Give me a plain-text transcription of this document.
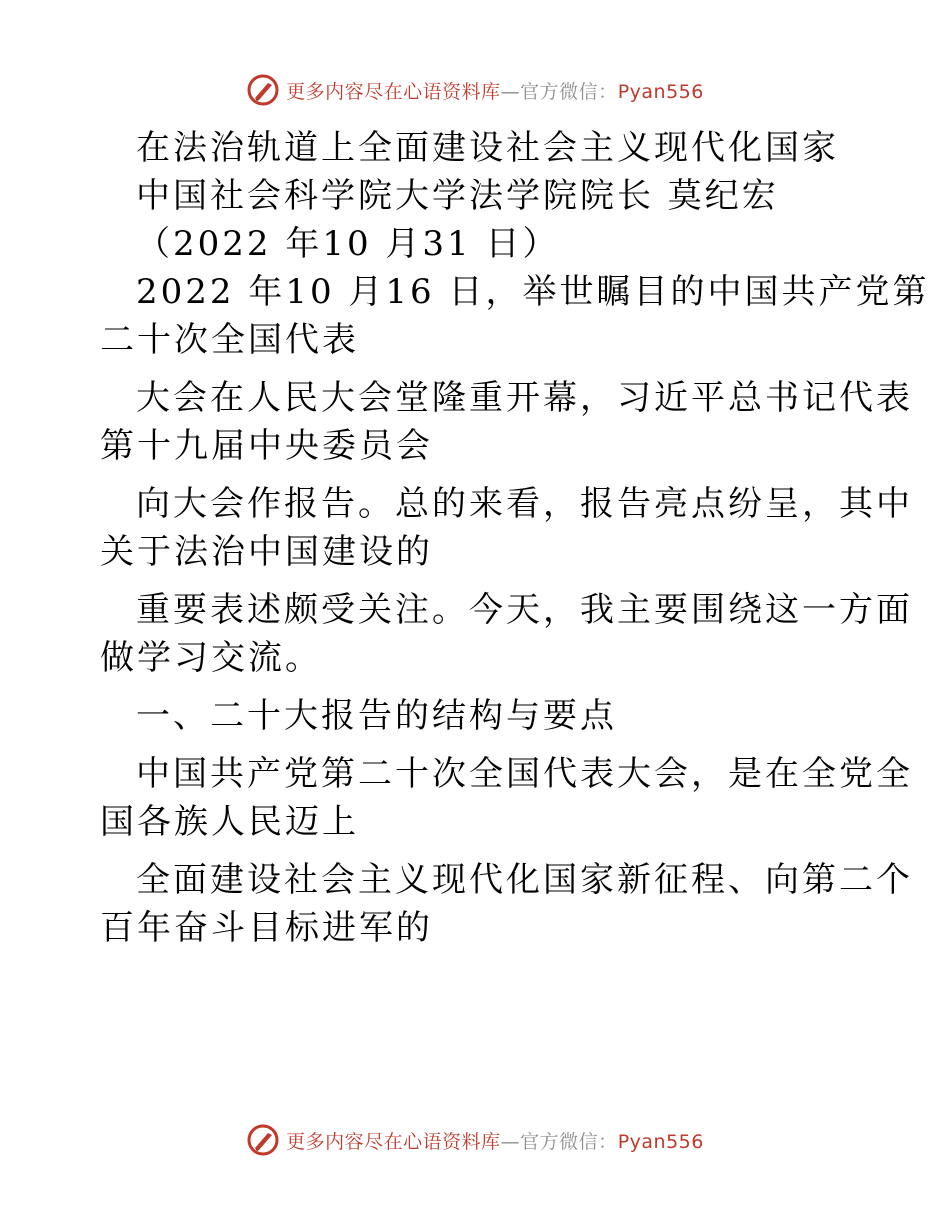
更多内容尽在心语资料库—官方微信：Pyan556
在法治轨道上全面建设社会主义现代化国家
中国社会科学院大学法学院院长 莫纪宏
（2022 年10 月31 日）
2022 年10 月16 日，举世瞩目的中国共产党第
二十次全国代表
大会在人民大会堂隆重开幕，习近平总书记代表
第十九届中央委员会
向大会作报告。总的来看，报告亮点纷呈，其中
关于法治中国建设的
重要表述颇受关注。今天，我主要围绕这一方面
做学习交流。
一、二十大报告的结构与要点
中国共产党第二十次全国代表大会，是在全党全
国各族人民迈上
全面建设社会主义现代化国家新征程、向第二个
百年奋斗目标进军的
更多内容尽在心语资料库—官方微信：Pyan556
